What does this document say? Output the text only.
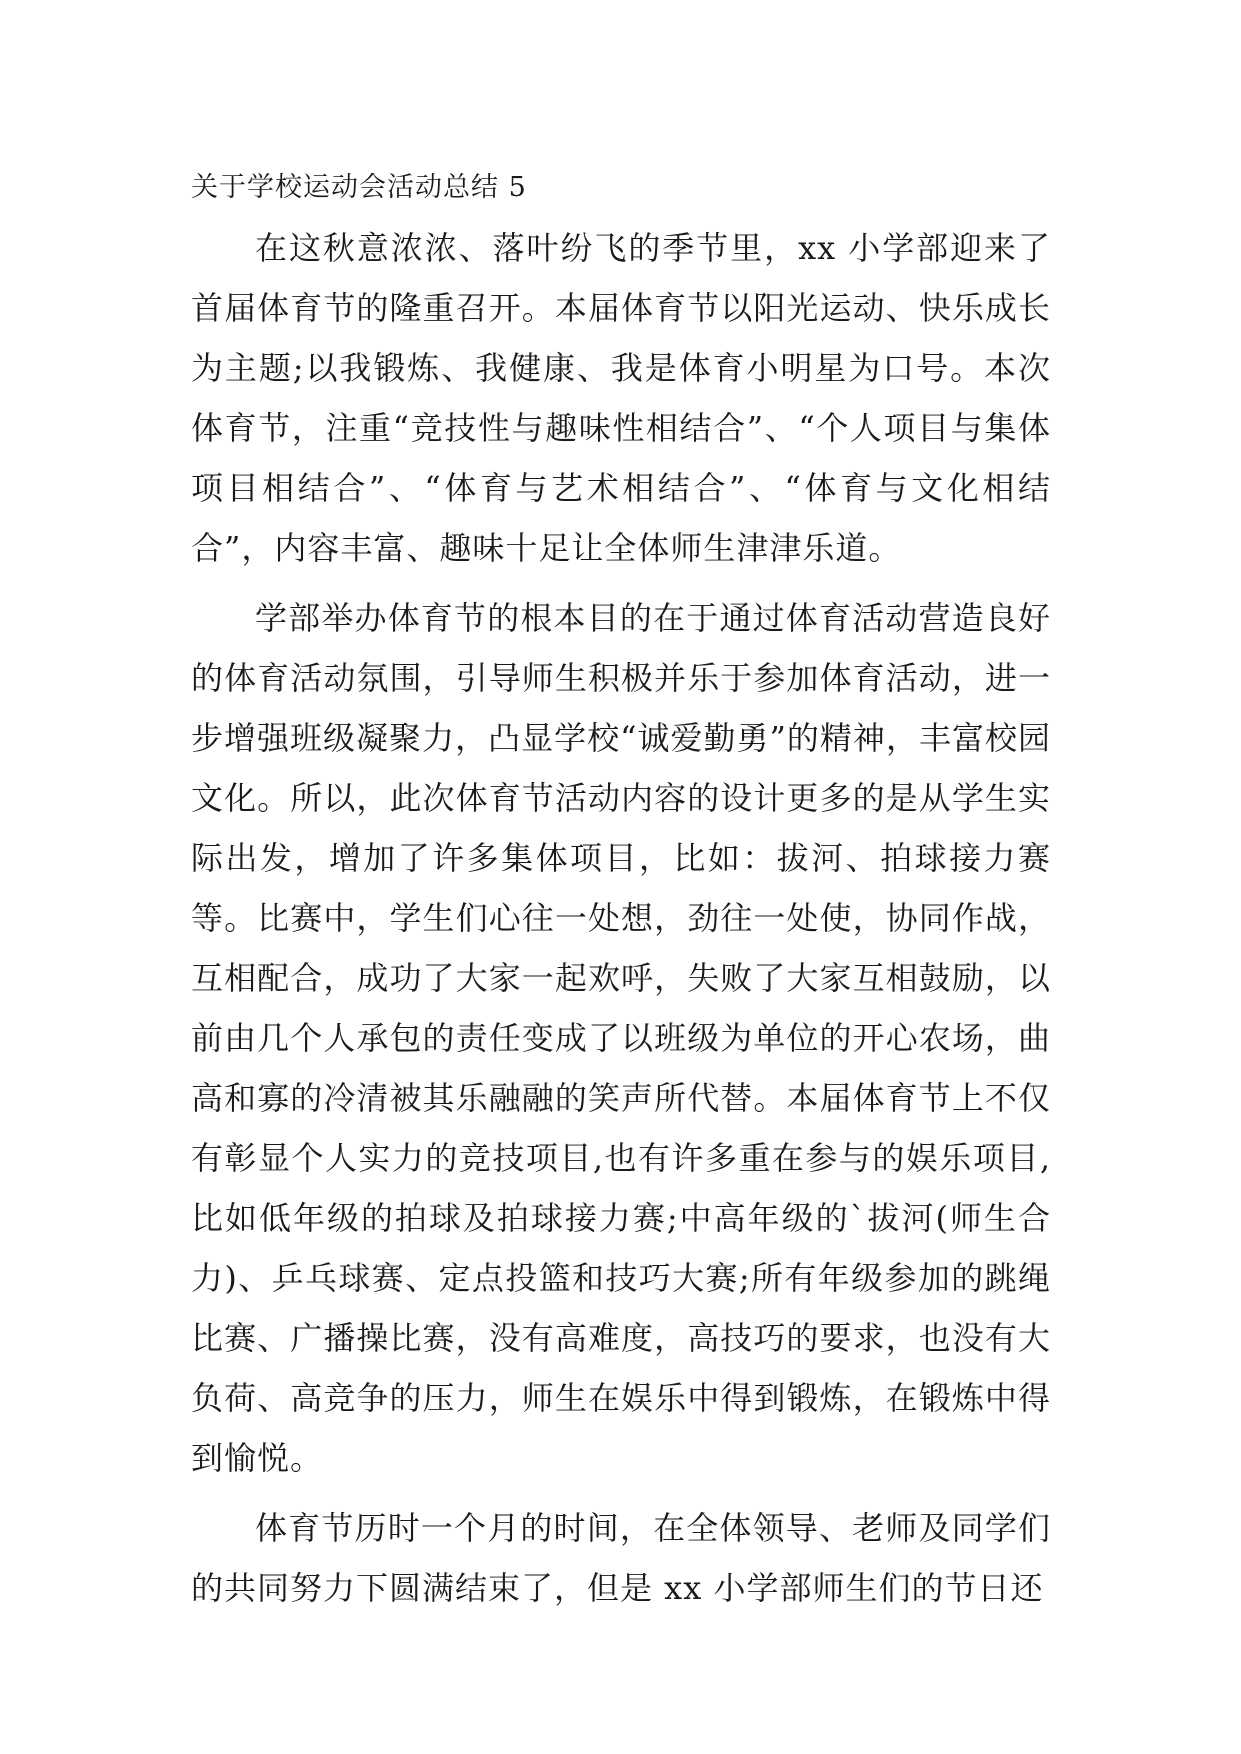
关于学校运动会活动总结 5

在这秋意浓浓、落叶纷飞的季节里，xx 小学部迎来了首届体育节的隆重召开。本届体育节以阳光运动、快乐成长为主题;以我锻炼、我健康、我是体育小明星为口号。本次体育节，注重“竞技性与趣味性相结合”、“个人项目与集体项目相结合”、“体育与艺术相结合”、“体育与文化相结合”，内容丰富、趣味十足让全体师生津津乐道。

学部举办体育节的根本目的在于通过体育活动营造良好的体育活动氛围，引导师生积极并乐于参加体育活动，进一步增强班级凝聚力，凸显学校“诚爱勤勇”的精神，丰富校园文化。所以，此次体育节活动内容的设计更多的是从学生实际出发，增加了许多集体项目，比如：拔河、拍球接力赛等。比赛中，学生们心往一处想，劲往一处使，协同作战，互相配合，成功了大家一起欢呼，失败了大家互相鼓励，以前由几个人承包的责任变成了以班级为单位的开心农场，曲高和寡的冷清被其乐融融的笑声所代替。本届体育节上不仅有彰显个人实力的竞技项目,也有许多重在参与的娱乐项目,比如低年级的拍球及拍球接力赛;中高年级的`拔河(师生合力)、乒乓球赛、定点投篮和技巧大赛;所有年级参加的跳绳比赛、广播操比赛，没有高难度，高技巧的要求，也没有大负荷、高竞争的压力，师生在娱乐中得到锻炼，在锻炼中得到愉悦。

体育节历时一个月的时间，在全体领导、老师及同学们的共同努力下圆满结束了，但是 xx 小学部师生们的节日还
